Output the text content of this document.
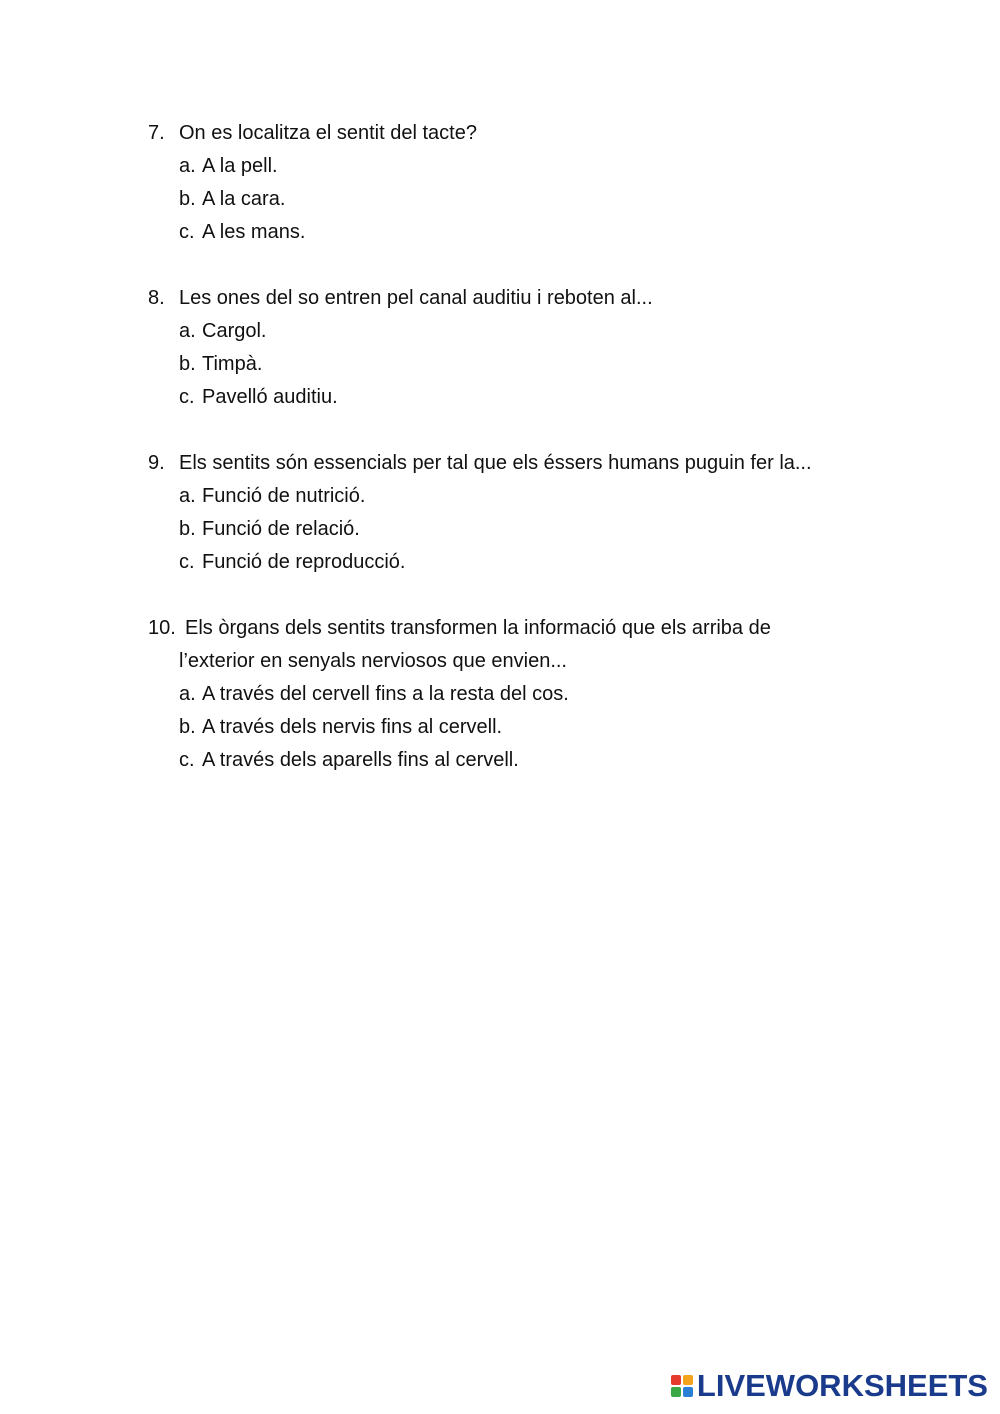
7. On es localitza el sentit del tacte?
a. A la pell.
b. A la cara.
c. A les mans.
8. Les ones del so entren pel canal auditiu i reboten al...
a. Cargol.
b. Timpà.
c. Pavelló auditiu.
9. Els sentits són essencials per tal que els éssers humans puguin fer la...
a. Funció de nutrició.
b. Funció de relació.
c. Funció de reproducció.
10. Els òrgans dels sentits transformen la informació que els arriba de
l’exterior en senyals nerviosos que envien...
a. A través del cervell fins a la resta del cos.
b. A través dels nervis fins al cervell.
c. A través dels aparells fins al cervell.
LIVEWORKSHEETS
